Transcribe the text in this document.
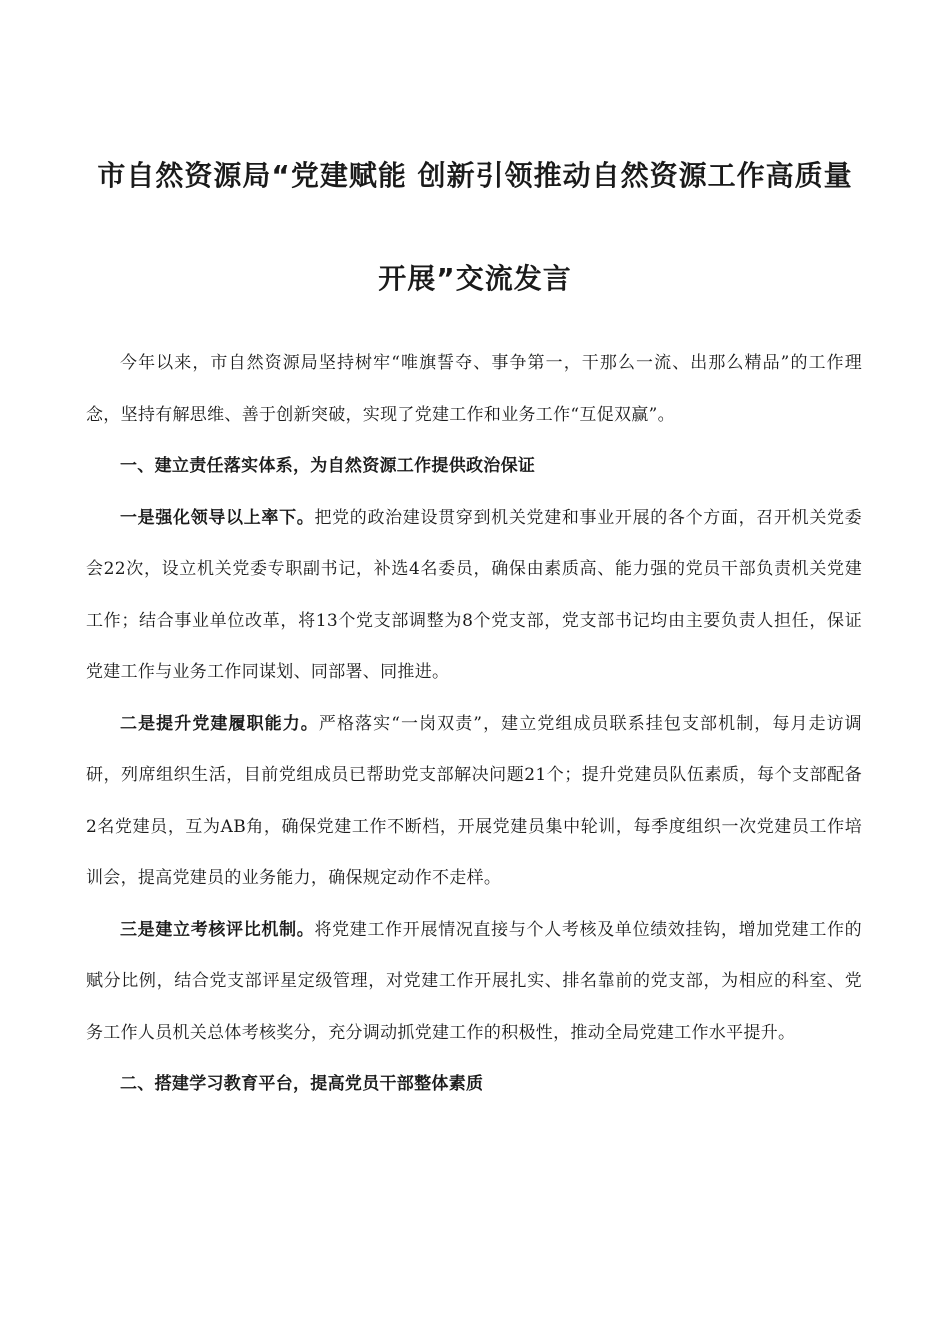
市自然资源局“党建赋能 创新引领推动自然资源工作高质量
开展”交流发言

今年以来，市自然资源局坚持树牢“唯旗誓夺、事争第一，干那么一流、出那么精品”的工作理念，坚持有解思维、善于创新突破，实现了党建工作和业务工作“互促双赢”。

一、建立责任落实体系，为自然资源工作提供政治保证

一是强化领导以上率下。把党的政治建设贯穿到机关党建和事业开展的各个方面，召开机关党委会22次，设立机关党委专职副书记，补选4名委员，确保由素质高、能力强的党员干部负责机关党建工作；结合事业单位改革，将13个党支部调整为8个党支部，党支部书记均由主要负责人担任，保证党建工作与业务工作同谋划、同部署、同推进。

二是提升党建履职能力。严格落实“一岗双责”，建立党组成员联系挂包支部机制，每月走访调研，列席组织生活，目前党组成员已帮助党支部解决问题21个；提升党建员队伍素质，每个支部配备2名党建员，互为AB角，确保党建工作不断档，开展党建员集中轮训，每季度组织一次党建员工作培训会，提高党建员的业务能力，确保规定动作不走样。

三是建立考核评比机制。将党建工作开展情况直接与个人考核及单位绩效挂钩，增加党建工作的赋分比例，结合党支部评星定级管理，对党建工作开展扎实、排名靠前的党支部，为相应的科室、党务工作人员机关总体考核奖分，充分调动抓党建工作的积极性，推动全局党建工作水平提升。

二、搭建学习教育平台，提高党员干部整体素质
